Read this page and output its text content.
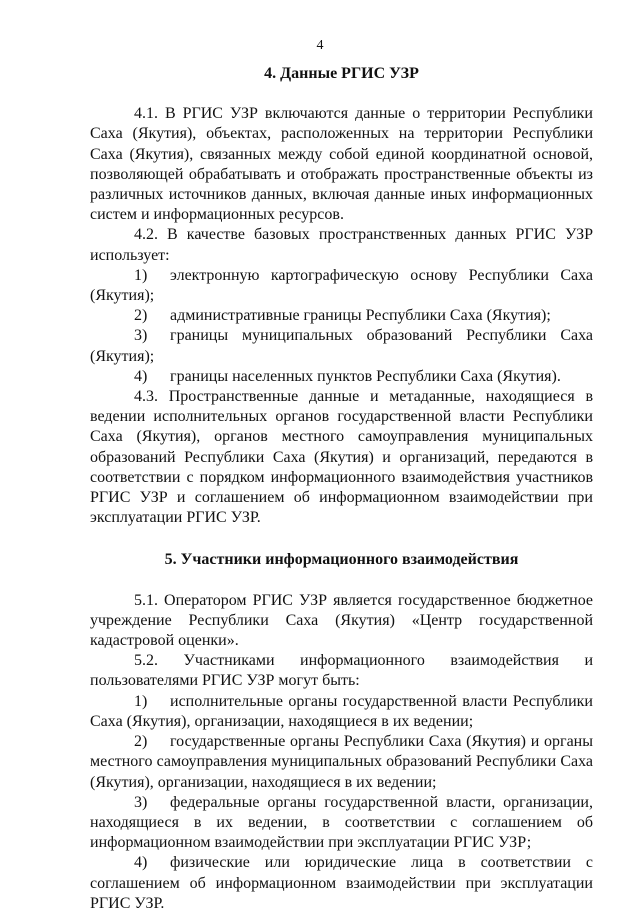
4

4. Данные РГИС УЗР

4.1. В РГИС УЗР включаются данные о территории Республики Саха (Якутия), объектах, расположенных на территории Республики Саха (Якутия), связанных между собой единой координатной основой, позволяющей обрабатывать и отображать пространственные объекты из различных источников данных, включая данные иных информационных систем и информационных ресурсов.

4.2. В качестве базовых пространственных данных РГИС УЗР использует:

1) электронную картографическую основу Республики Саха (Якутия);

2) административные границы Республики Саха (Якутия);

3) границы муниципальных образований Республики Саха (Якутия);

4) границы населенных пунктов Республики Саха (Якутия).

4.3. Пространственные данные и метаданные, находящиеся в ведении исполнительных органов государственной власти Республики Саха (Якутия), органов местного самоуправления муниципальных образований Республики Саха (Якутия) и организаций, передаются в соответствии с порядком информационного взаимодействия участников РГИС УЗР и соглашением об информационном взаимодействии при эксплуатации РГИС УЗР.

5. Участники информационного взаимодействия

5.1. Оператором РГИС УЗР является государственное бюджетное учреждение Республики Саха (Якутия) «Центр государственной кадастровой оценки».

5.2. Участниками информационного взаимодействия и пользователями РГИС УЗР могут быть:

1) исполнительные органы государственной власти Республики Саха (Якутия), организации, находящиеся в их ведении;

2) государственные органы Республики Саха (Якутия) и органы местного самоуправления муниципальных образований Республики Саха (Якутия), организации, находящиеся в их ведении;

3) федеральные органы государственной власти, организации, находящиеся в их ведении, в соответствии с соглашением об информационном взаимодействии при эксплуатации РГИС УЗР;

4) физические или юридические лица в соответствии с соглашением об информационном взаимодействии при эксплуатации РГИС УЗР.
